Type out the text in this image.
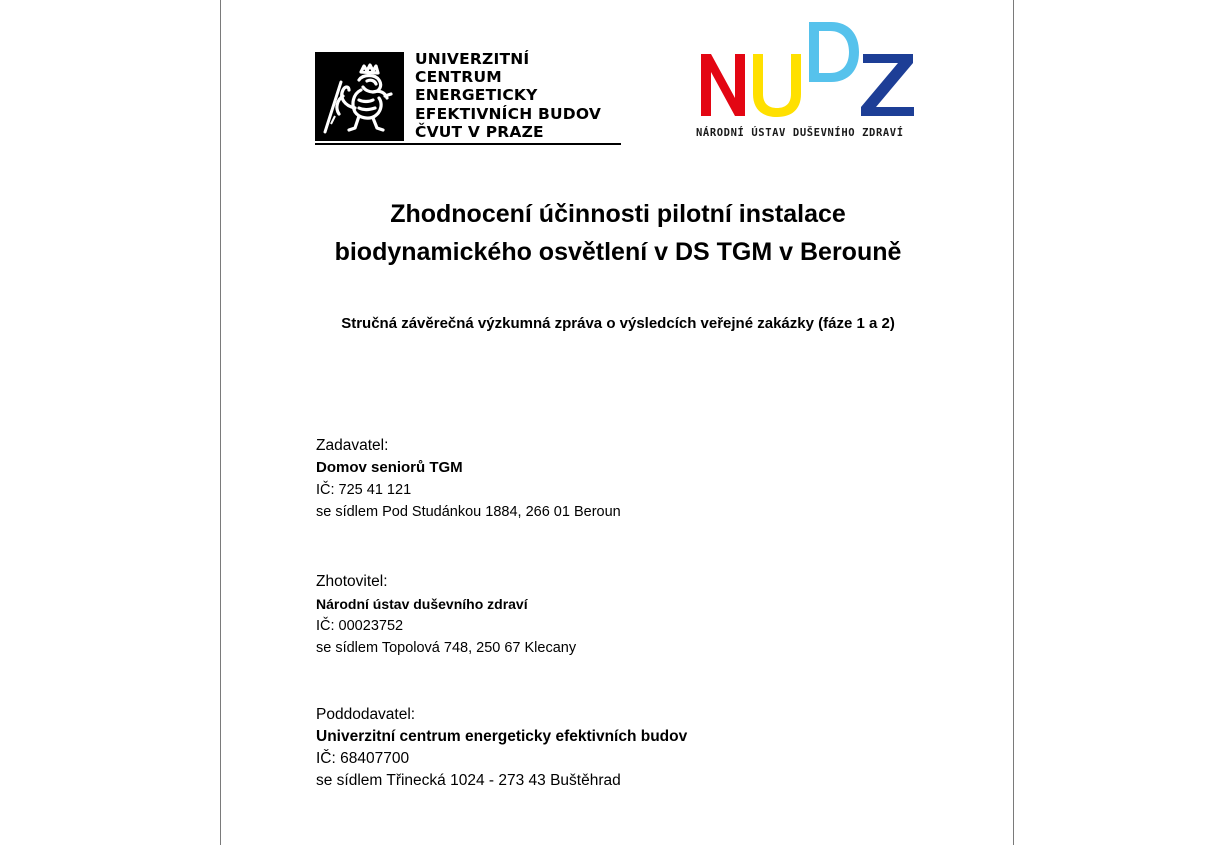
UNIVERZITNÍ
CENTRUM
ENERGETICKY
EFEKTIVNÍCH BUDOV
ČVUT V PRAZE	NÁRODNÍ ÚSTAV DUŠEVNÍHO ZDRAVÍ
Zhodnocení účinnosti pilotní instalace
biodynamického osvětlení v DS TGM v Berouně

Stručná závěrečná výzkumná zpráva o výsledcích veřejné zakázky (fáze 1 a 2)

Zadavatel:
Domov seniorů TGM
IČ: 725 41 121
se sídlem Pod Studánkou 1884, 266 01 Beroun
Zhotovitel:
Národní ústav duševního zdraví
IČ: 00023752
se sídlem Topolová 748, 250 67 Klecany
Poddodavatel:
Univerzitní centrum energeticky efektivních budov
IČ: 68407700
se sídlem Třinecká 1024 - 273 43 Buštěhrad
